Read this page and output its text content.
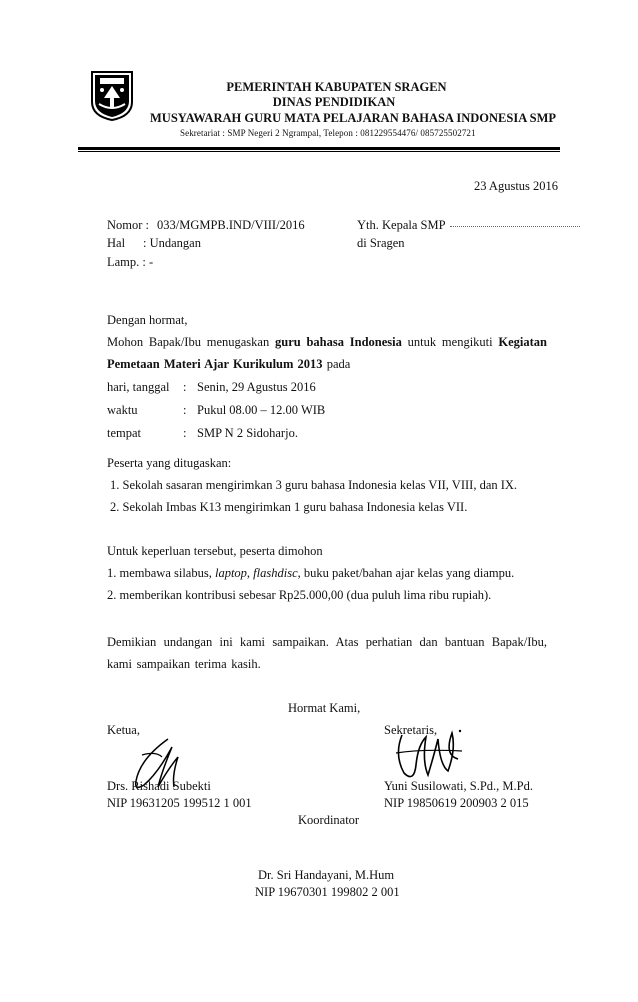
PEMERINTAH KABUPATEN SRAGEN
DINAS PENDIDIKAN
MUSYAWARAH GURU MATA PELAJARAN BAHASA INDONESIA SMP
Sekretariat : SMP Negeri 2 Ngrampal, Telepon : 081229554476/ 085725502721
23 Agustus 2016
Nomor : 033/MGMPB.IND/VIII/2016
Hal : Undangan
Lamp. : -
Yth. Kepala SMP
di Sragen
Dengan hormat,
Mohon Bapak/Ibu menugaskan guru bahasa Indonesia untuk mengikuti Kegiatan Pemetaan Materi Ajar Kurikulum 2013 pada
hari, tanggal : Senin, 29 Agustus 2016
waktu	: Pukul 08.00 – 12.00 WIB
tempat	: SMP N 2 Sidoharjo.
Peserta yang ditugaskan:
1. Sekolah sasaran mengirimkan 3 guru bahasa Indonesia kelas VII, VIII, dan IX.
2. Sekolah Imbas K13 mengirimkan 1 guru bahasa Indonesia kelas VII.
Untuk keperluan tersebut, peserta dimohon
1. membawa silabus, laptop, flashdisc, buku paket/bahan ajar kelas yang diampu.
2. memberikan kontribusi sebesar Rp25.000,00 (dua puluh lima ribu rupiah).
Demikian undangan ini kami sampaikan. Atas perhatian dan bantuan Bapak/Ibu, kami sampaikan terima kasih.
Hormat Kami,
Ketua,	Sekretaris,
Drs. Rishadi Subekti
NIP 19631205 199512 1 001
Yuni Susilowati, S.Pd., M.Pd.
NIP 19850619 200903 2 015
Koordinator
Dr. Sri Handayani, M.Hum
NIP 19670301 199802 2 001
